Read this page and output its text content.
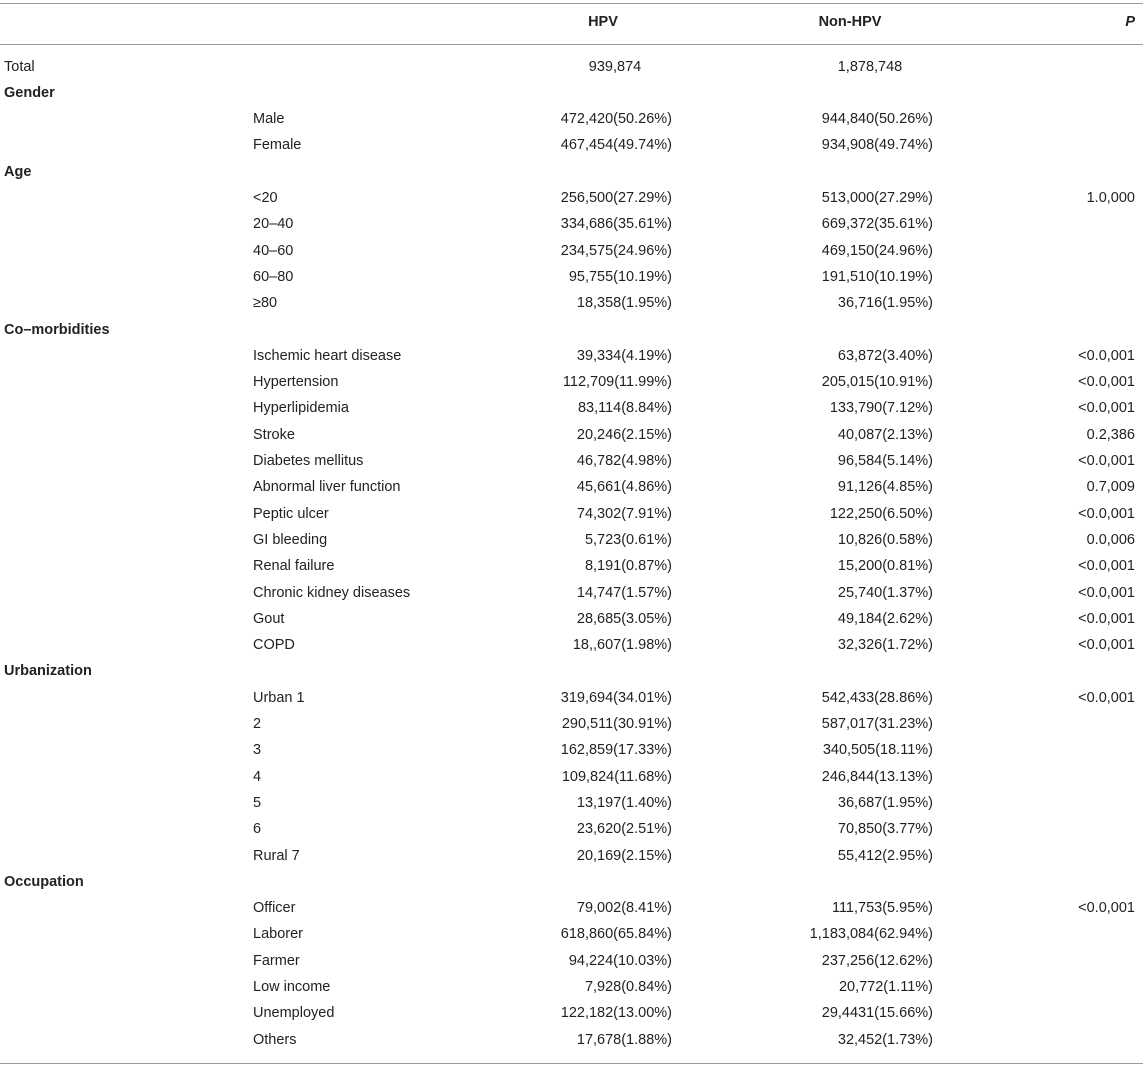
HPV	Non-HPV	P
Total	939,874	1,878,748
Gender
Male	472,420(50.26%)	944,840(50.26%)
Female	467,454(49.74%)	934,908(49.74%)
Age
<20	256,500(27.29%)	513,000(27.29%)	1.0,000
20–40	334,686(35.61%)	669,372(35.61%)
40–60	234,575(24.96%)	469,150(24.96%)
60–80	95,755(10.19%)	191,510(10.19%)
≥80	18,358(1.95%)	36,716(1.95%)
Co–morbidities
Ischemic heart disease	39,334(4.19%)	63,872(3.40%)	<0.0,001
Hypertension	112,709(11.99%)	205,015(10.91%)	<0.0,001
Hyperlipidemia	83,114(8.84%)	133,790(7.12%)	<0.0,001
Stroke	20,246(2.15%)	40,087(2.13%)	0.2,386
Diabetes mellitus	46,782(4.98%)	96,584(5.14%)	<0.0,001
Abnormal liver function	45,661(4.86%)	91,126(4.85%)	0.7,009
Peptic ulcer	74,302(7.91%)	122,250(6.50%)	<0.0,001
GI bleeding	5,723(0.61%)	10,826(0.58%)	0.0,006
Renal failure	8,191(0.87%)	15,200(0.81%)	<0.0,001
Chronic kidney diseases	14,747(1.57%)	25,740(1.37%)	<0.0,001
Gout	28,685(3.05%)	49,184(2.62%)	<0.0,001
COPD	18,,607(1.98%)	32,326(1.72%)	<0.0,001
Urbanization
Urban 1	319,694(34.01%)	542,433(28.86%)	<0.0,001
2	290,511(30.91%)	587,017(31.23%)
3	162,859(17.33%)	340,505(18.11%)
4	109,824(11.68%)	246,844(13.13%)
5	13,197(1.40%)	36,687(1.95%)
6	23,620(2.51%)	70,850(3.77%)
Rural 7	20,169(2.15%)	55,412(2.95%)
Occupation
Officer	79,002(8.41%)	111,753(5.95%)	<0.0,001
Laborer	618,860(65.84%)	1,183,084(62.94%)
Farmer	94,224(10.03%)	237,256(12.62%)
Low income	7,928(0.84%)	20,772(1.11%)
Unemployed	122,182(13.00%)	29,4431(15.66%)
Others	17,678(1.88%)	32,452(1.73%)
